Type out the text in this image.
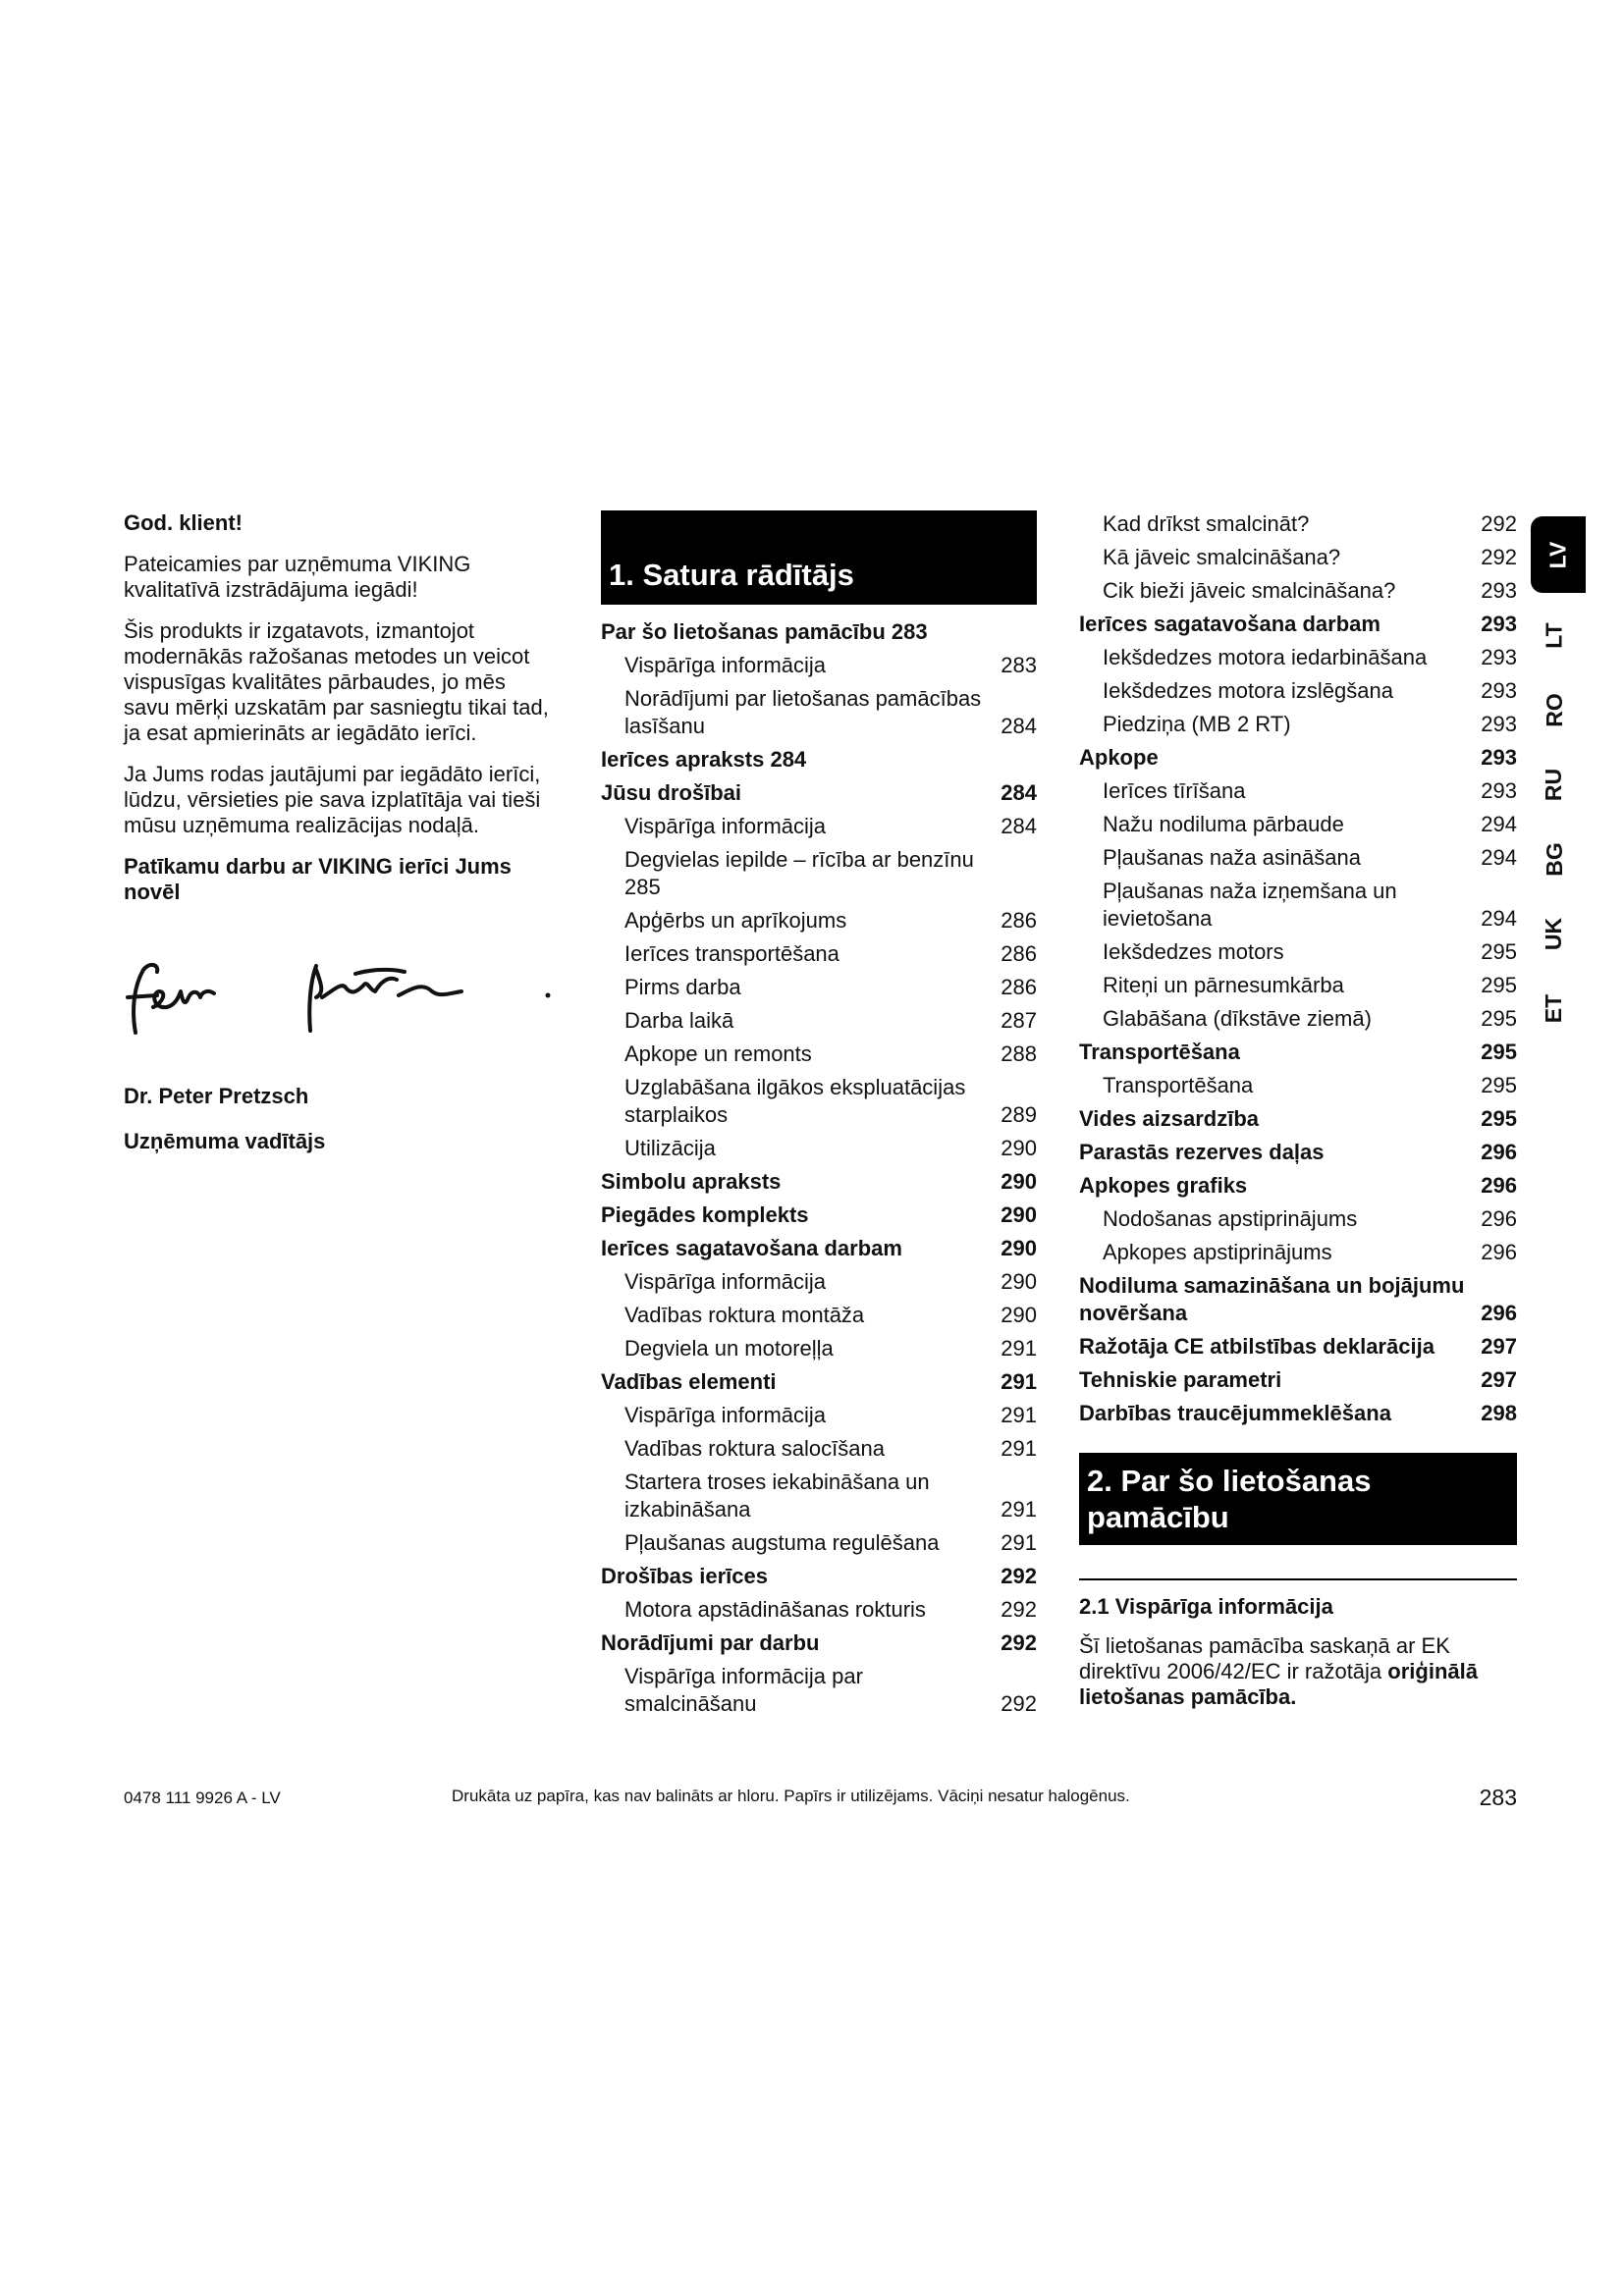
God. klient!

Pateicamies par uzņēmuma VIKING kvalitatīvā izstrādājuma iegādi!

Šis produkts ir izgatavots, izmantojot modernākās ražošanas metodes un veicot vispusīgas kvalitātes pārbaudes, jo mēs savu mērķi uzskatām par sasniegtu tikai tad, ja esat apmierināts ar iegādāto ierīci.

Ja Jums rodas jautājumi par iegādāto ierīci, lūdzu, vērsieties pie sava izplatītāja vai tieši mūsu uzņēmuma realizācijas nodaļā.

Patīkamu darbu ar VIKING ierīci Jums novēl

Dr. Peter Pretzsch

Uzņēmuma vadītājs

1. Satura rādītājs
Par šo lietošanas pamācību 283
Vispārīga informācija	283
Norādījumi par lietošanas pamācības lasīšanu	284
Ierīces apraksts 284
Jūsu drošībai	284
Vispārīga informācija	284
Degvielas iepilde – rīcība ar benzīnu 285
Apģērbs un aprīkojums	286
Ierīces transportēšana	286
Pirms darba	286
Darba laikā	287
Apkope un remonts	288
Uzglabāšana ilgākos ekspluatācijas starplaikos	289
Utilizācija	290
Simbolu apraksts	290
Piegādes komplekts	290
Ierīces sagatavošana darbam	290
Vispārīga informācija	290
Vadības roktura montāža	290
Degviela un motoreļļa	291
Vadības elementi	291
Vispārīga informācija	291
Vadības roktura salocīšana	291
Startera troses iekabināšana un izkabināšana	291
Pļaušanas augstuma regulēšana	291
Drošības ierīces	292
Motora apstādināšanas rokturis	292
Norādījumi par darbu	292
Vispārīga informācija par smalcināšanu	292
Kad drīkst smalcināt?	292
Kā jāveic smalcināšana?	292
Cik bieži jāveic smalcināšana?	293
Ierīces sagatavošana darbam	293
Iekšdedzes motora iedarbināšana	293
Iekšdedzes motora izslēgšana	293
Piedziņa (MB 2 RT)	293
Apkope	293
Ierīces tīrīšana	293
Nažu nodiluma pārbaude	294
Pļaušanas naža asināšana	294
Pļaušanas naža izņemšana un ievietošana	294
Iekšdedzes motors	295
Riteņi un pārnesumkārba	295
Glabāšana (dīkstāve ziemā)	295
Transportēšana	295
Transportēšana	295
Vides aizsardzība	295
Parastās rezerves daļas	296
Apkopes grafiks	296
Nodošanas apstiprinājums	296
Apkopes apstiprinājums	296
Nodiluma samazināšana un bojājumu novēršana	296
Ražotāja CE atbilstības deklarācija	297
Tehniskie parametri	297
Darbības traucējummeklēšana	298
2. Par šo lietošanas pamācību

2.1 Vispārīga informācija

Šī lietošanas pamācība saskaņā ar EK direktīvu 2006/42/EC ir ražotāja oriģinālā lietošanas pamācība.

LV
LT
RO
RU
BG
UK
ET
0478 111 9926 A - LV	Drukāta uz papīra, kas nav balināts ar hloru. Papīrs ir utilizējams. Vāciņi nesatur halogēnus.	283
